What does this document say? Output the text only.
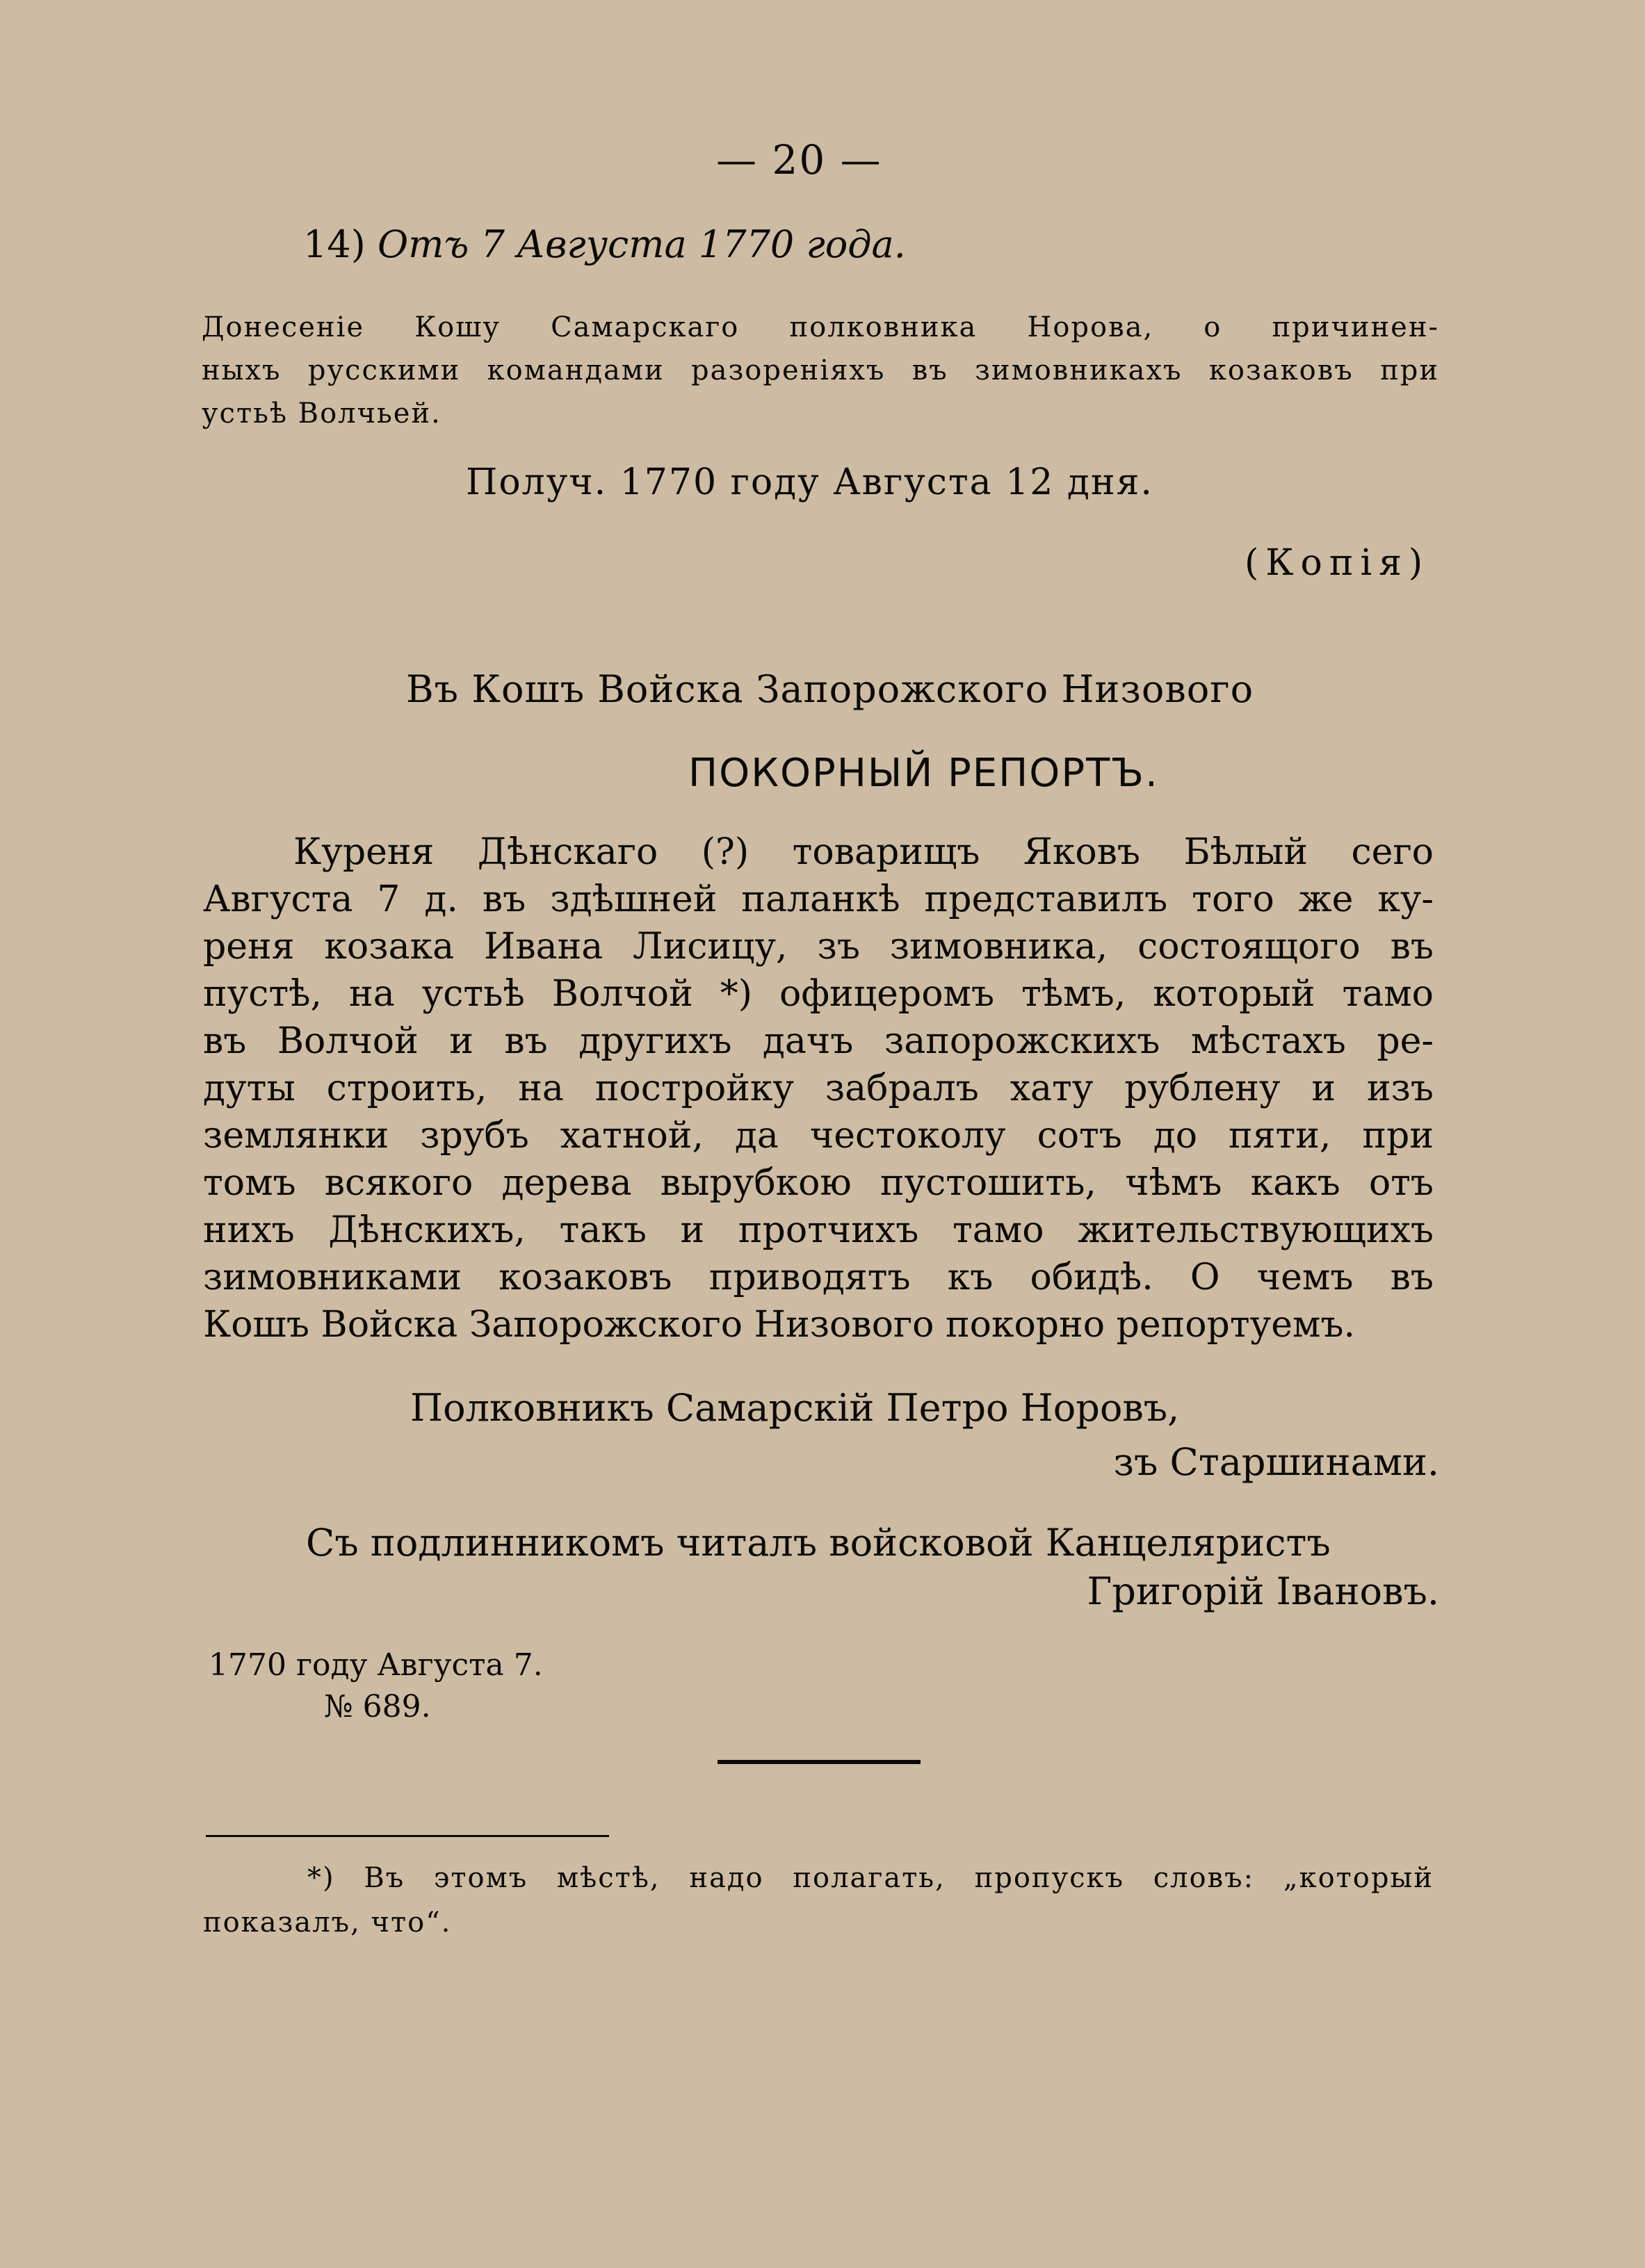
— 20 —
14) Отъ 7 Августа 1770 года.
Донесеніе Кошу Самарскаго полковника Норова, о причинен-
ныхъ русскими командами разореніяхъ въ зимовникахъ козаковъ при
устьѣ Волчьей.
Получ. 1770 году Августа 12 дня.
(Копія)
Въ Кошъ Войска Запорожского Низового
ПОКОРНЫЙ РЕПОРТЪ.
Куреня Дѣнскаго (?) товарищъ Яковъ Бѣлый сего
Августа 7 д. въ здѣшней паланкѣ представилъ того же ку-
реня козака Ивана Лисицу, зъ зимовника, состоящого въ
пустѣ, на устьѣ Волчой *) офицеромъ тѣмъ, который тамо
въ Волчой и въ другихъ дачъ запорожскихъ мѣстахъ ре-
дуты строить, на постройку забралъ хату рублену и изъ
землянки зрубъ хатной, да честоколу сотъ до пяти, при
томъ всякого дерева вырубкою пустошить, чѣмъ какъ отъ
нихъ Дѣнскихъ, такъ и протчихъ тамо жительствующихъ
зимовниками козаковъ приводятъ къ обидѣ. О чемъ въ
Кошъ Войска Запорожского Низового покорно репортуемъ.
Полковникъ Самарскій Петро Норовъ,
зъ Старшинами.
Съ подлинникомъ читалъ войсковой Канцеляристъ
Григорій Івановъ.
1770 году Августа 7.
№ 689.
*) Въ этомъ мѣстѣ, надо полагать, пропускъ словъ: „который
показалъ, что“.
